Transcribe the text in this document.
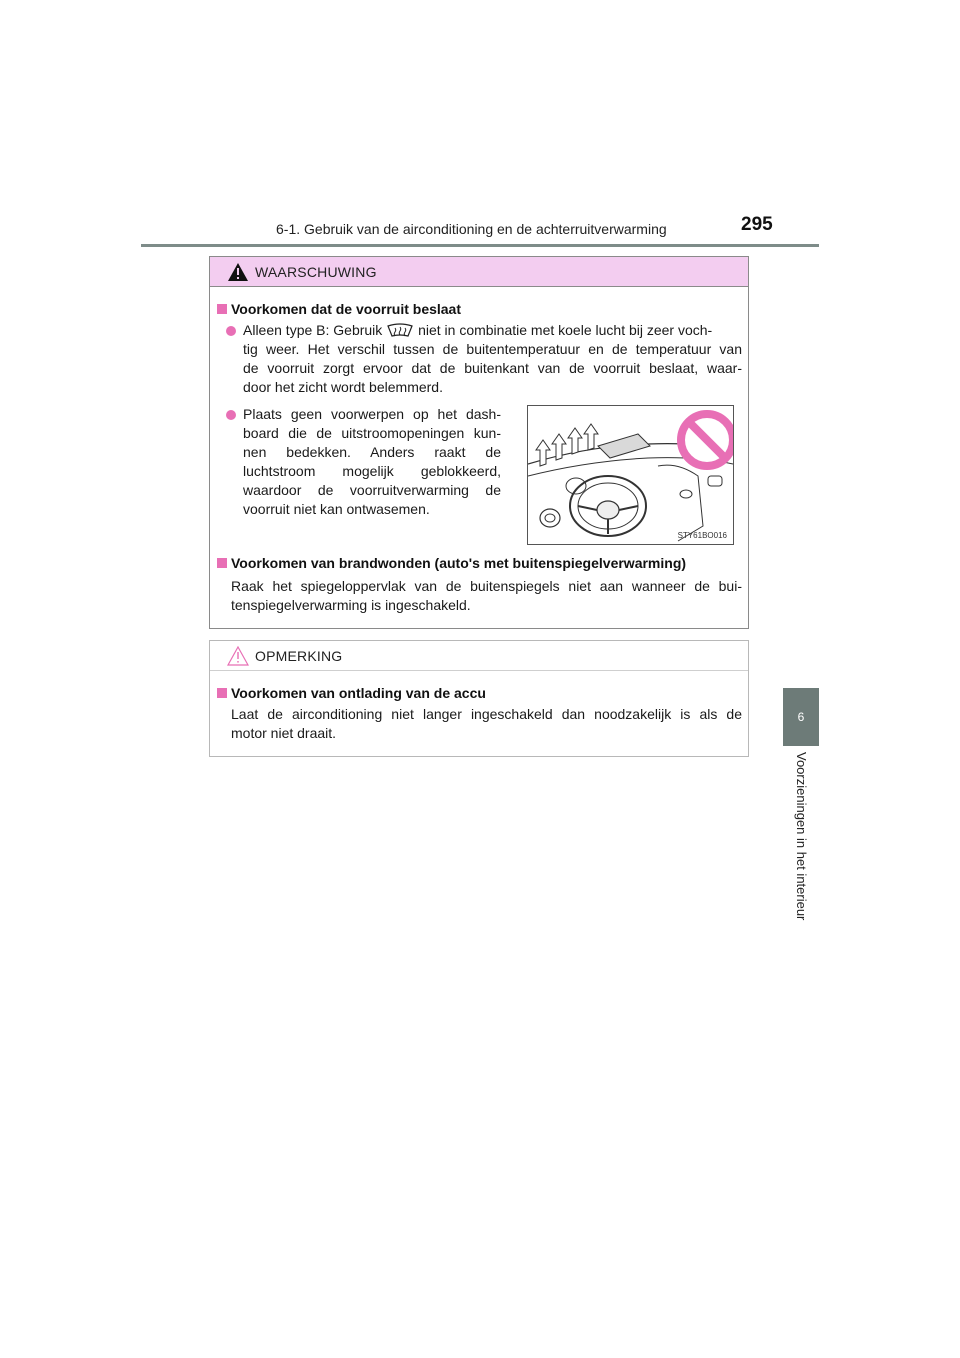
6-1. Gebruik van de airconditioning en de achterruitverwarming	295
6
Voorzieningen in het interieur
WAARSCHUWING
Voorkomen dat de voorruit beslaat
Alleen type B: Gebruik	niet in combinatie met koele lucht bij zeer voch-
tig weer. Het verschil tussen de buitentemperatuur en de temperatuur van
de voorruit zorgt ervoor dat de buitenkant van de voorruit beslaat, waar-
door het zicht wordt belemmerd.
Plaats geen voorwerpen op het dash-
board die de uitstroomopeningen kun-
nen bedekken. Anders raakt de
luchtstroom mogelijk geblokkeerd,
waardoor de voorruitverwarming de
voorruit niet kan ontwasemen.
STY61BO016
Voorkomen van brandwonden (auto's met buitenspiegelverwarming)
Raak het spiegeloppervlak van de buitenspiegels niet aan wanneer de bui-
tenspiegelverwarming is ingeschakeld.
OPMERKING
Voorkomen van ontlading van de accu
Laat de airconditioning niet langer ingeschakeld dan noodzakelijk is als de
motor niet draait.
